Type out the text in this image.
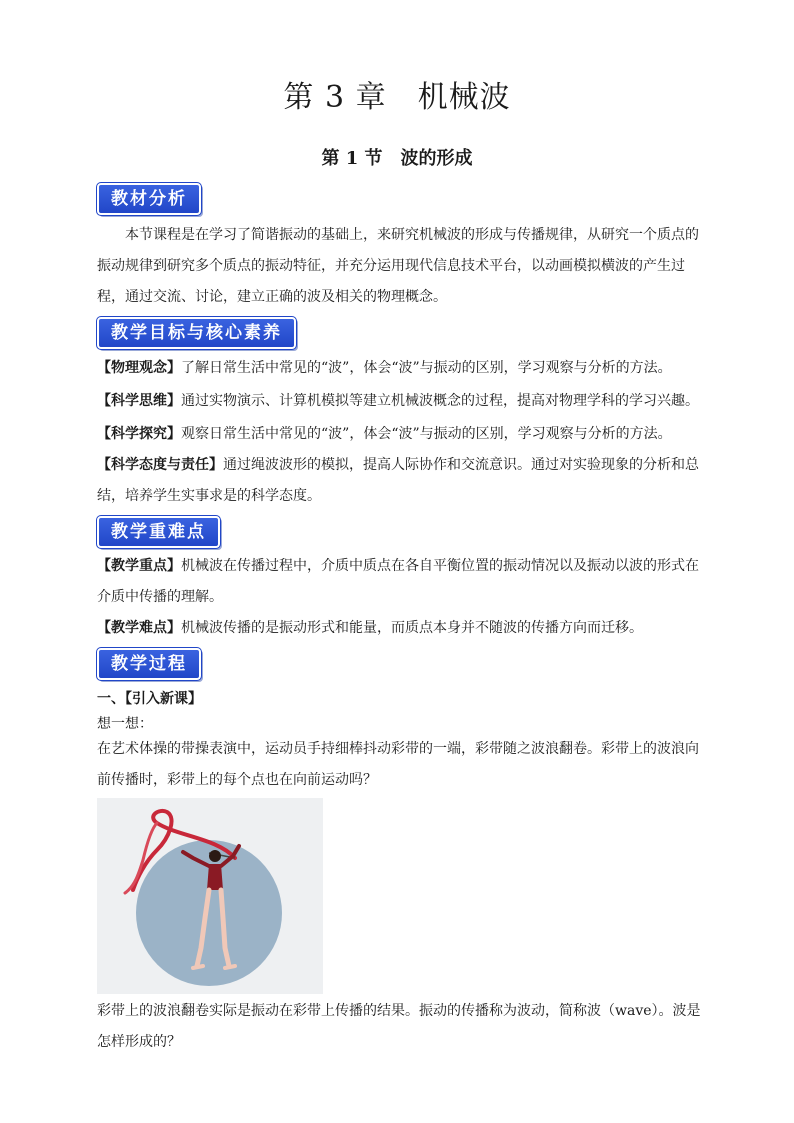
第 3 章　机械波
第 1 节　波的形成
教材分析

本节课程是在学习了简谐振动的基础上，来研究机械波的形成与传播规律，从研究一个质点的振动规律到研究多个质点的振动特征，并充分运用现代信息技术平台，以动画模拟横波的产生过程，通过交流、讨论，建立正确的波及相关的物理概念。

教学目标与核心素养

【物理观念】了解日常生活中常见的“波”，体会“波”与振动的区别，学习观察与分析的方法。

【科学思维】通过实物演示、计算机模拟等建立机械波概念的过程，提高对物理学科的学习兴趣。

【科学探究】观察日常生活中常见的“波”，体会“波”与振动的区别，学习观察与分析的方法。

【科学态度与责任】通过绳波波形的模拟，提高人际协作和交流意识。通过对实验现象的分析和总结，培养学生实事求是的科学态度。

教学重难点

【教学重点】机械波在传播过程中，介质中质点在各自平衡位置的振动情况以及振动以波的形式在介质中传播的理解。

【教学难点】机械波传播的是振动形式和能量，而质点本身并不随波的传播方向而迁移。

教学过程

一、【引入新课】

想一想：

在艺术体操的带操表演中，运动员手持细棒抖动彩带的一端，彩带随之波浪翻卷。彩带上的波浪向前传播时，彩带上的每个点也在向前运动吗？

彩带上的波浪翻卷实际是振动在彩带上传播的结果。振动的传播称为波动，简称波（wave）。波是怎样形成的？
